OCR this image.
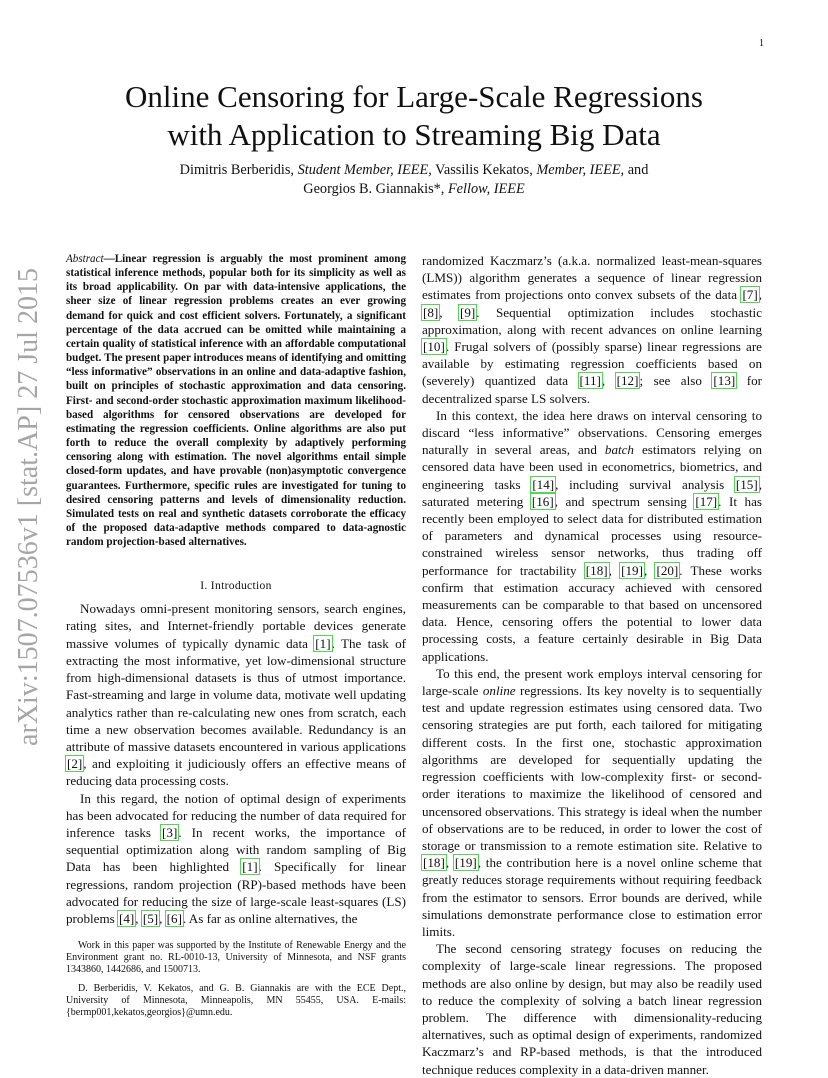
1
arXiv:1507.07536v1 [stat.AP] 27 Jul 2015
Online Censoring for Large-Scale Regressions
with Application to Streaming Big Data
Dimitris Berberidis, Student Member, IEEE, Vassilis Kekatos, Member, IEEE, and
Georgios B. Giannakis*, Fellow, IEEE

Abstract—Linear regression is arguably the most prominent among statistical inference methods, popular both for its simplicity as well as its broad applicability. On par with data-intensive applications, the sheer size of linear regression problems creates an ever growing demand for quick and cost efficient solvers. Fortunately, a significant percentage of the data accrued can be omitted while maintaining a certain quality of statistical inference with an affordable computational budget. The present paper introduces means of identifying and omitting “less informative” observations in an online and data-adaptive fashion, built on principles of stochastic approximation and data censoring. First- and second-order stochastic approximation maximum likelihood-based algorithms for censored observations are developed for estimating the regression coefficients. Online algorithms are also put forth to reduce the overall complexity by adaptively performing censoring along with estimation. The novel algorithms entail simple closed-form updates, and have provable (non)asymptotic convergence guarantees. Furthermore, specific rules are investigated for tuning to desired censoring patterns and levels of dimensionality reduction. Simulated tests on real and synthetic datasets corroborate the efficacy of the proposed data-adaptive methods compared to data-agnostic random projection-based alternatives.

I. Introduction

Nowadays omni-present monitoring sensors, search engines, rating sites, and Internet-friendly portable devices generate massive volumes of typically dynamic data [1]. The task of extracting the most informative, yet low-dimensional structure from high-dimensional datasets is thus of utmost importance. Fast-streaming and large in volume data, motivate well updating analytics rather than re-calculating new ones from scratch, each time a new observation becomes available. Redundancy is an attribute of massive datasets encountered in various applications [2], and exploiting it judiciously offers an effective means of reducing data processing costs.

In this regard, the notion of optimal design of experiments has been advocated for reducing the number of data required for inference tasks [3]. In recent works, the importance of sequential optimization along with random sampling of Big Data has been highlighted [1]. Specifically for linear regressions, random projection (RP)-based methods have been advocated for reducing the size of large-scale least-squares (LS) problems [4], [5], [6]. As far as online alternatives, the

Work in this paper was supported by the Institute of Renewable Energy and the Environment grant no. RL-0010-13, University of Minnesota, and NSF grants 1343860, 1442686, and 1500713.

D. Berberidis, V. Kekatos, and G. B. Giannakis are with the ECE Dept., University of Minnesota, Minneapolis, MN 55455, USA. E-mails:{bermp001,kekatos,georgios}@umn.edu.

randomized Kaczmarz’s (a.k.a. normalized least-mean-squares (LMS)) algorithm generates a sequence of linear regression estimates from projections onto convex subsets of the data [7], [8], [9]. Sequential optimization includes stochastic approximation, along with recent advances on online learning [10]. Frugal solvers of (possibly sparse) linear regressions are available by estimating regression coefficients based on (severely) quantized data [11], [12]; see also [13] for decentralized sparse LS solvers.

In this context, the idea here draws on interval censoring to discard “less informative” observations. Censoring emerges naturally in several areas, and batch estimators relying on censored data have been used in econometrics, biometrics, and engineering tasks [14], including survival analysis [15], saturated metering [16], and spectrum sensing [17]. It has recently been employed to select data for distributed estimation of parameters and dynamical processes using resource-constrained wireless sensor networks, thus trading off performance for tractability [18], [19], [20]. These works confirm that estimation accuracy achieved with censored measurements can be comparable to that based on uncensored data. Hence, censoring offers the potential to lower data processing costs, a feature certainly desirable in Big Data applications.

To this end, the present work employs interval censoring for large-scale online regressions. Its key novelty is to sequentially test and update regression estimates using censored data. Two censoring strategies are put forth, each tailored for mitigating different costs. In the first one, stochastic approximation algorithms are developed for sequentially updating the regression coefficients with low-complexity first- or second-order iterations to maximize the likelihood of censored and uncensored observations. This strategy is ideal when the number of observations are to be reduced, in order to lower the cost of storage or transmission to a remote estimation site. Relative to [18], [19], the contribution here is a novel online scheme that greatly reduces storage requirements without requiring feedback from the estimator to sensors. Error bounds are derived, while simulations demonstrate performance close to estimation error limits.

The second censoring strategy focuses on reducing the complexity of large-scale linear regressions. The proposed methods are also online by design, but may also be readily used to reduce the complexity of solving a batch linear regression problem. The difference with dimensionality-reducing alternatives, such as optimal design of experiments, randomized Kaczmarz’s and RP-based methods, is that the introduced technique reduces complexity in a data-driven manner.
